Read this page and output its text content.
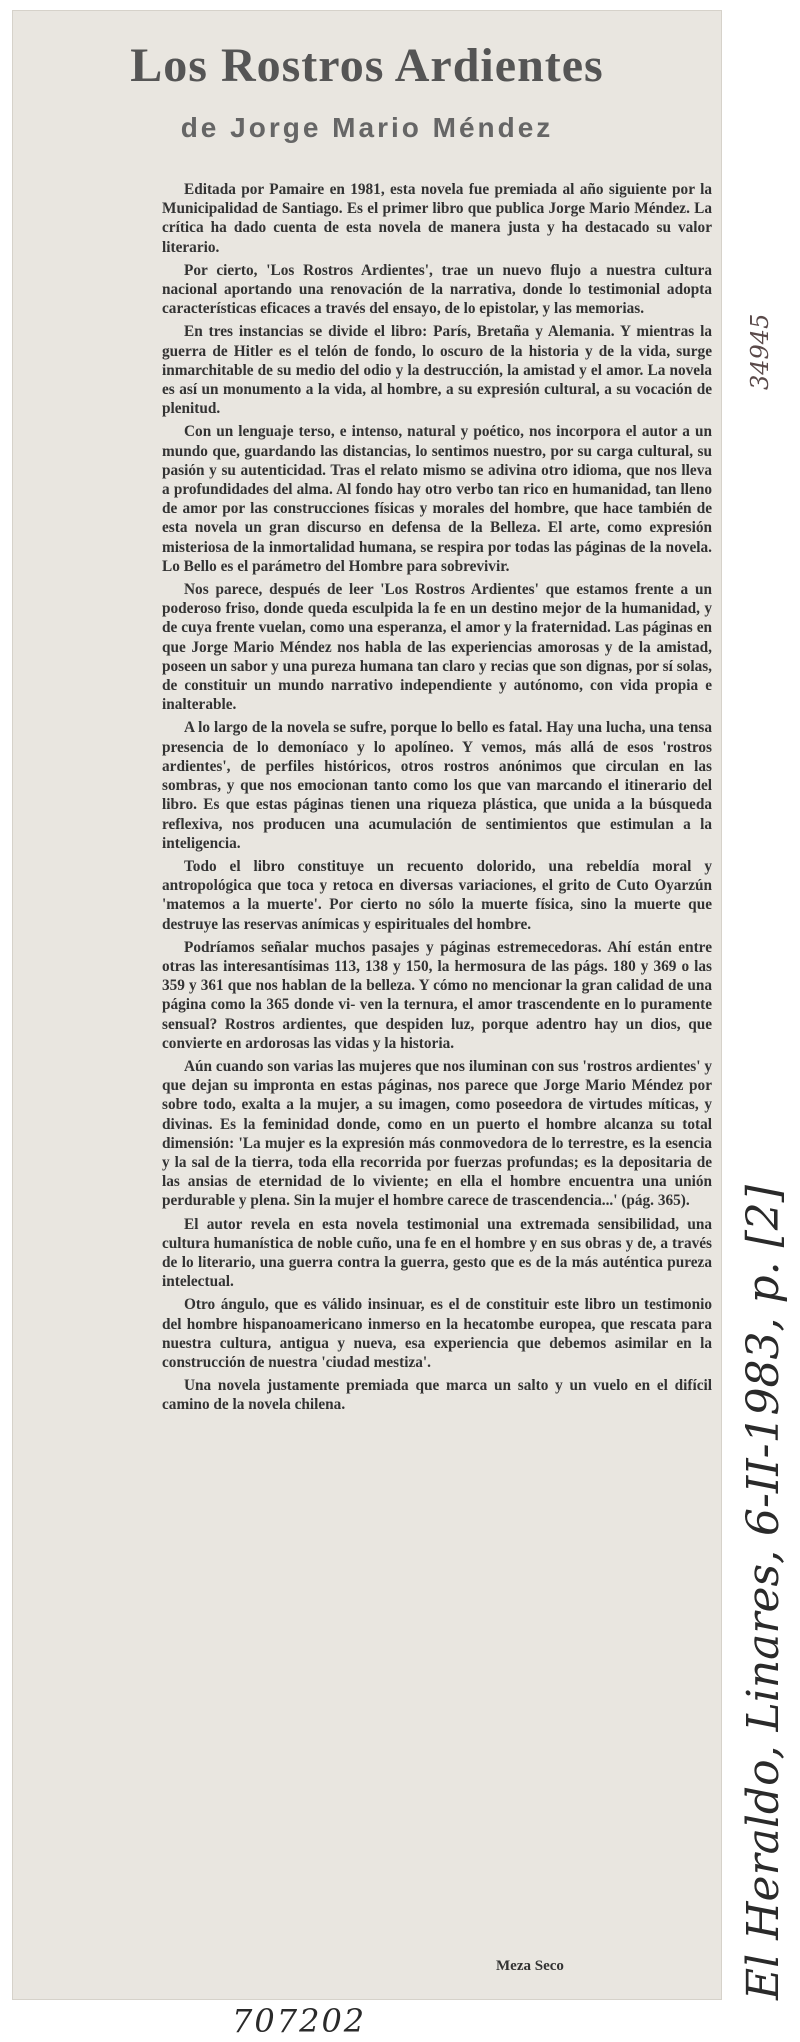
Los Rostros Ardientes
de Jorge Mario Méndez

Editada por Pamaire en 1981, esta novela fue premiada al año siguiente por la Municipalidad de Santiago. Es el primer libro que publica Jorge Mario Méndez. La crítica ha dado cuenta de esta novela de manera justa y ha destacado su valor literario.

Por cierto, 'Los Rostros Ardientes', trae un nuevo flujo a nuestra cultura nacional aportando una renovación de la narrativa, donde lo testimonial adopta características eficaces a través del ensayo, de lo epistolar, y las memorias.

En tres instancias se divide el libro: París, Bretaña y Alemania. Y mientras la guerra de Hitler es el telón de fondo, lo oscuro de la historia y de la vida, surge inmarchitable de su medio del odio y la destrucción, la amistad y el amor. La novela es así un monumento a la vida, al hombre, a su expresión cultural, a su vocación de plenitud.

Con un lenguaje terso, e intenso, natural y poético, nos incorpora el autor a un mundo que, guardando las distancias, lo sentimos nuestro, por su carga cultural, su pasión y su autenticidad. Tras el relato mismo se adivina otro idioma, que nos lleva a profundidades del alma. Al fondo hay otro verbo tan rico en humanidad, tan lleno de amor por las construcciones físicas y morales del hombre, que hace también de esta novela un gran discurso en defensa de la Belleza. El arte, como expresión misteriosa de la inmortalidad humana, se respira por todas las páginas de la novela. Lo Bello es el parámetro del Hombre para sobrevivir.

Nos parece, después de leer 'Los Rostros Ardientes' que estamos frente a un poderoso friso, donde queda esculpida la fe en un destino mejor de la humanidad, y de cuya frente vuelan, como una esperanza, el amor y la fraternidad. Las páginas en que Jorge Mario Méndez nos habla de las experiencias amorosas y de la amistad, poseen un sabor y una pureza humana tan claro y recias que son dignas, por sí solas, de constituir un mundo narrativo independiente y autónomo, con vida propia e inalterable.

A lo largo de la novela se sufre, porque lo bello es fatal. Hay una lucha, una tensa presencia de lo demoníaco y lo apolíneo. Y vemos, más allá de esos 'rostros ardientes', de perfiles históricos, otros rostros anónimos que circulan en las sombras, y que nos emocionan tanto como los que van marcando el itinerario del libro. Es que estas páginas tienen una riqueza plástica, que unida a la búsqueda reflexiva, nos producen una acumulación de sentimientos que estimulan a la inteligencia.

Todo el libro constituye un recuento dolorido, una rebeldía moral y antropológica que toca y retoca en diversas variaciones, el grito de Cuto Oyarzún 'matemos a la muerte'. Por cierto no sólo la muerte física, sino la muerte que destruye las reservas anímicas y espirituales del hombre.

Podríamos señalar muchos pasajes y páginas estremecedoras. Ahí están entre otras las interesantísimas 113, 138 y 150, la hermosura de las págs. 180 y 369 o las 359 y 361 que nos hablan de la belleza. Y cómo no mencionar la gran calidad de una página como la 365 donde vi- ven la ternura, el amor trascendente en lo puramente sensual? Rostros ardientes, que despiden luz, porque adentro hay un dios, que convierte en ardorosas las vidas y la historia.

Aún cuando son varias las mujeres que nos iluminan con sus 'rostros ardientes' y que dejan su impronta en estas páginas, nos parece que Jorge Mario Méndez por sobre todo, exalta a la mujer, a su imagen, como poseedora de virtudes míticas, y divinas. Es la feminidad donde, como en un puerto el hombre alcanza su total dimensión: 'La mujer es la expresión más conmovedora de lo terrestre, es la esencia y la sal de la tierra, toda ella recorrida por fuerzas profundas; es la depositaria de las ansias de eternidad de lo viviente; en ella el hombre encuentra una unión perdurable y plena. Sin la mujer el hombre carece de trascendencia...' (pág. 365).

El autor revela en esta novela testimonial una extremada sensibilidad, una cultura humanística de noble cuño, una fe en el hombre y en sus obras y de, a través de lo literario, una guerra contra la guerra, gesto que es de la más auténtica pureza intelectual.

Otro ángulo, que es válido insinuar, es el de constituir este libro un testimonio del hombre hispanoamericano inmerso en la hecatombe europea, que rescata para nuestra cultura, antigua y nueva, esa experiencia que debemos asimilar en la construcción de nuestra 'ciudad mestiza'.

Una novela justamente premiada que marca un salto y un vuelo en el difícil camino de la novela chilena.

Meza Seco
34945
El Heraldo, Linares, 6-II-1983, p. [2]
707202
